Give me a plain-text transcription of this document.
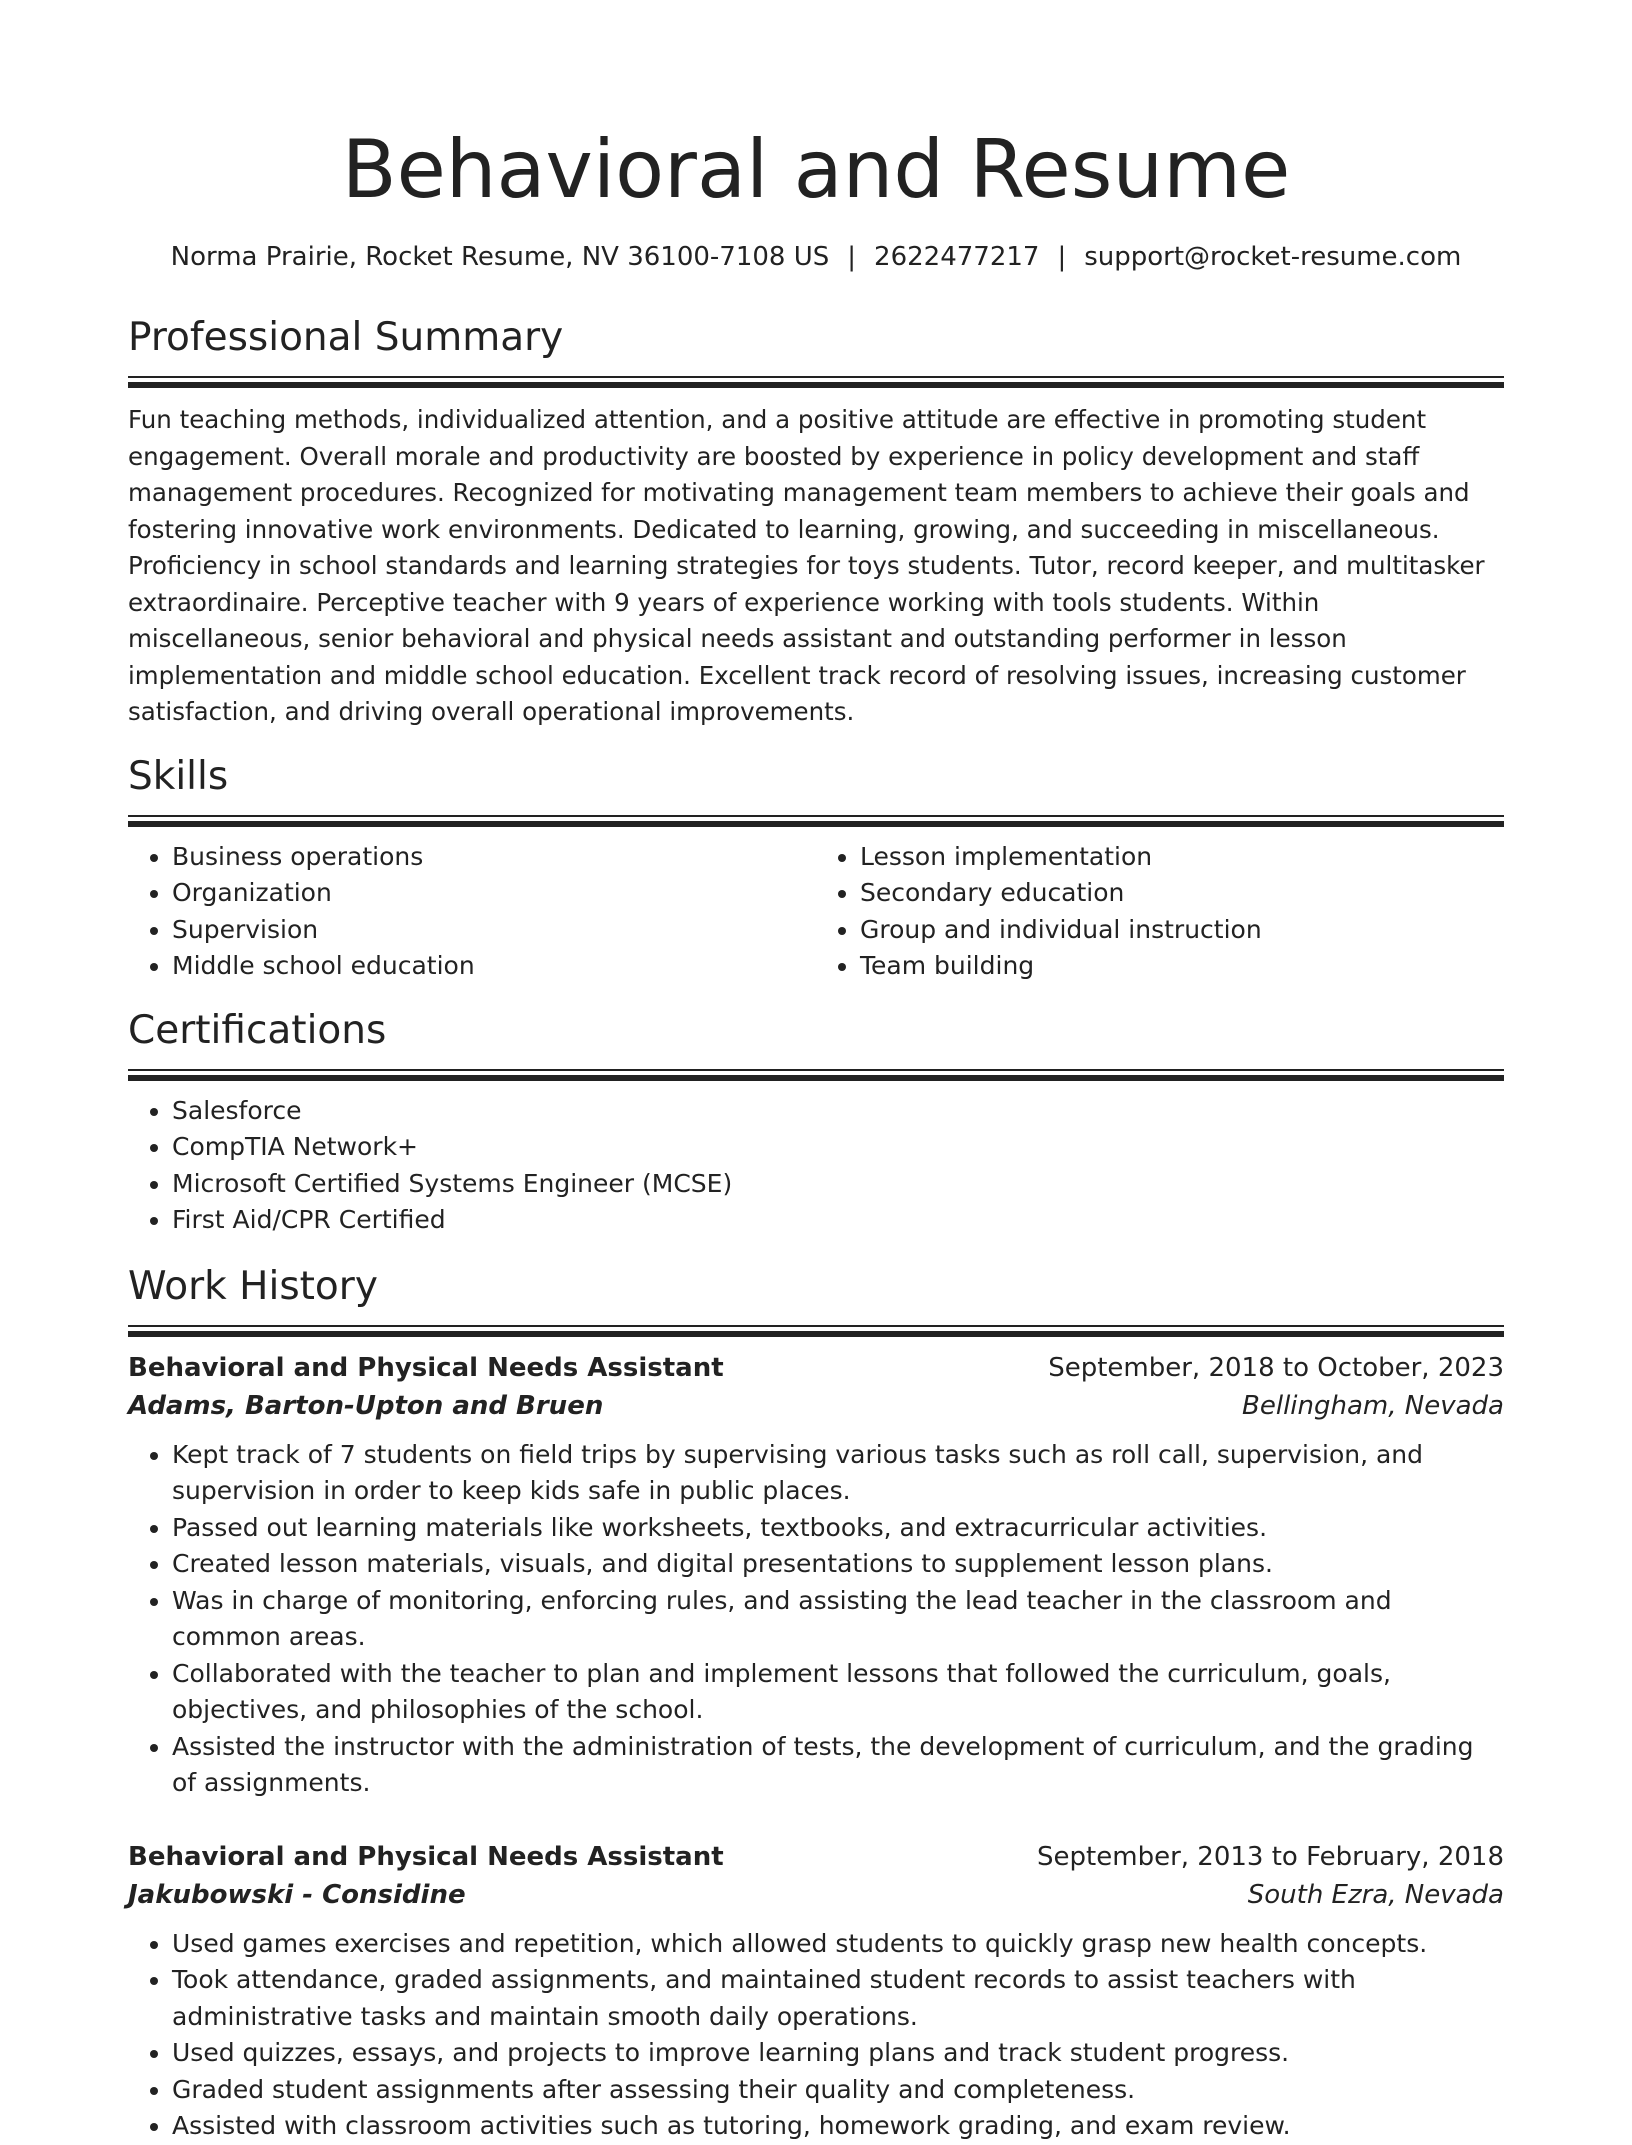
Behavioral and Resume
Norma Prairie, Rocket Resume, NV 36100-7108 US | 2622477217 | support@rocket-resume.com
Professional Summary

Fun teaching methods, individualized attention, and a positive attitude are effective in promoting student engagement. Overall morale and productivity are boosted by experience in policy development and staff management procedures. Recognized for motivating management team members to achieve their goals and fostering innovative work environments. Dedicated to learning, growing, and succeeding in miscellaneous. Proficiency in school standards and learning strategies for toys students. Tutor, record keeper, and multitasker extraordinaire. Perceptive teacher with 9 years of experience working with tools students. Within miscellaneous, senior behavioral and physical needs assistant and outstanding performer in lesson implementation and middle school education. Excellent track record of resolving issues, increasing customer satisfaction, and driving overall operational improvements.

Skills
• Business operations
• Organization
• Supervision
• Middle school education
• Lesson implementation
• Secondary education
• Group and individual instruction
• Team building
Certifications
• Salesforce
• CompTIA Network+
• Microsoft Certified Systems Engineer (MCSE)
• First Aid/CPR Certified
Work History
Behavioral and Physical Needs Assistant	September, 2018 to October, 2023
Adams, Barton-Upton and Bruen	Bellingham, Nevada
• Kept track of 7 students on field trips by supervising various tasks such as roll call, supervision, and supervision in order to keep kids safe in public places.
• Passed out learning materials like worksheets, textbooks, and extracurricular activities.
• Created lesson materials, visuals, and digital presentations to supplement lesson plans.
• Was in charge of monitoring, enforcing rules, and assisting the lead teacher in the classroom and common areas.
• Collaborated with the teacher to plan and implement lessons that followed the curriculum, goals, objectives, and philosophies of the school.
• Assisted the instructor with the administration of tests, the development of curriculum, and the grading of assignments.
Behavioral and Physical Needs Assistant	September, 2013 to February, 2018
Jakubowski - Considine	South Ezra, Nevada
• Used games exercises and repetition, which allowed students to quickly grasp new health concepts.
• Took attendance, graded assignments, and maintained student records to assist teachers with administrative tasks and maintain smooth daily operations.
• Used quizzes, essays, and projects to improve learning plans and track student progress.
• Graded student assignments after assessing their quality and completeness.
• Assisted with classroom activities such as tutoring, homework grading, and exam review.
